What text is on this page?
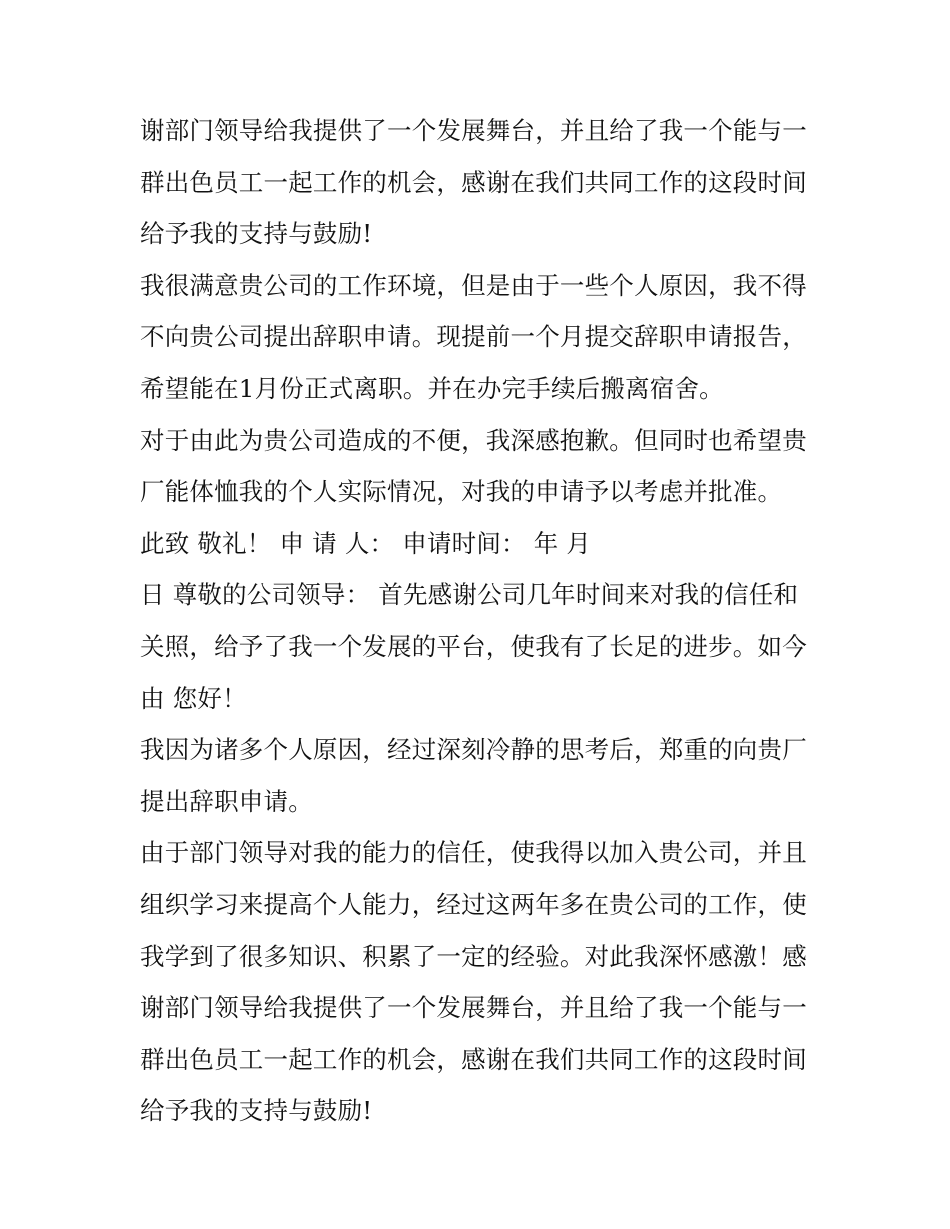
谢部门领导给我提供了一个发展舞台，并且给了我一个能与一
群出色员工一起工作的机会，感谢在我们共同工作的这段时间
给予我的支持与鼓励!
我很满意贵公司的工作环境，但是由于一些个人原因，我不得
不向贵公司提出辞职申请。现提前一个月提交辞职申请报告，
希望能在1月份正式离职。并在办完手续后搬离宿舍。
对于由此为贵公司造成的不便，我深感抱歉。但同时也希望贵
厂能体恤我的个人实际情况，对我的申请予以考虑并批准。
此致 敬礼！ 申 请 人： 申请时间： 年 月
日 尊敬的公司领导： 首先感谢公司几年时间来对我的信任和
关照，给予了我一个发展的平台，使我有了长足的进步。如今
由 您好！
我因为诸多个人原因，经过深刻冷静的思考后，郑重的向贵厂
提出辞职申请。
由于部门领导对我的能力的信任，使我得以加入贵公司，并且
组织学习来提高个人能力，经过这两年多在贵公司的工作，使
我学到了很多知识、积累了一定的经验。对此我深怀感激！感
谢部门领导给我提供了一个发展舞台，并且给了我一个能与一
群出色员工一起工作的机会，感谢在我们共同工作的这段时间
给予我的支持与鼓励!
